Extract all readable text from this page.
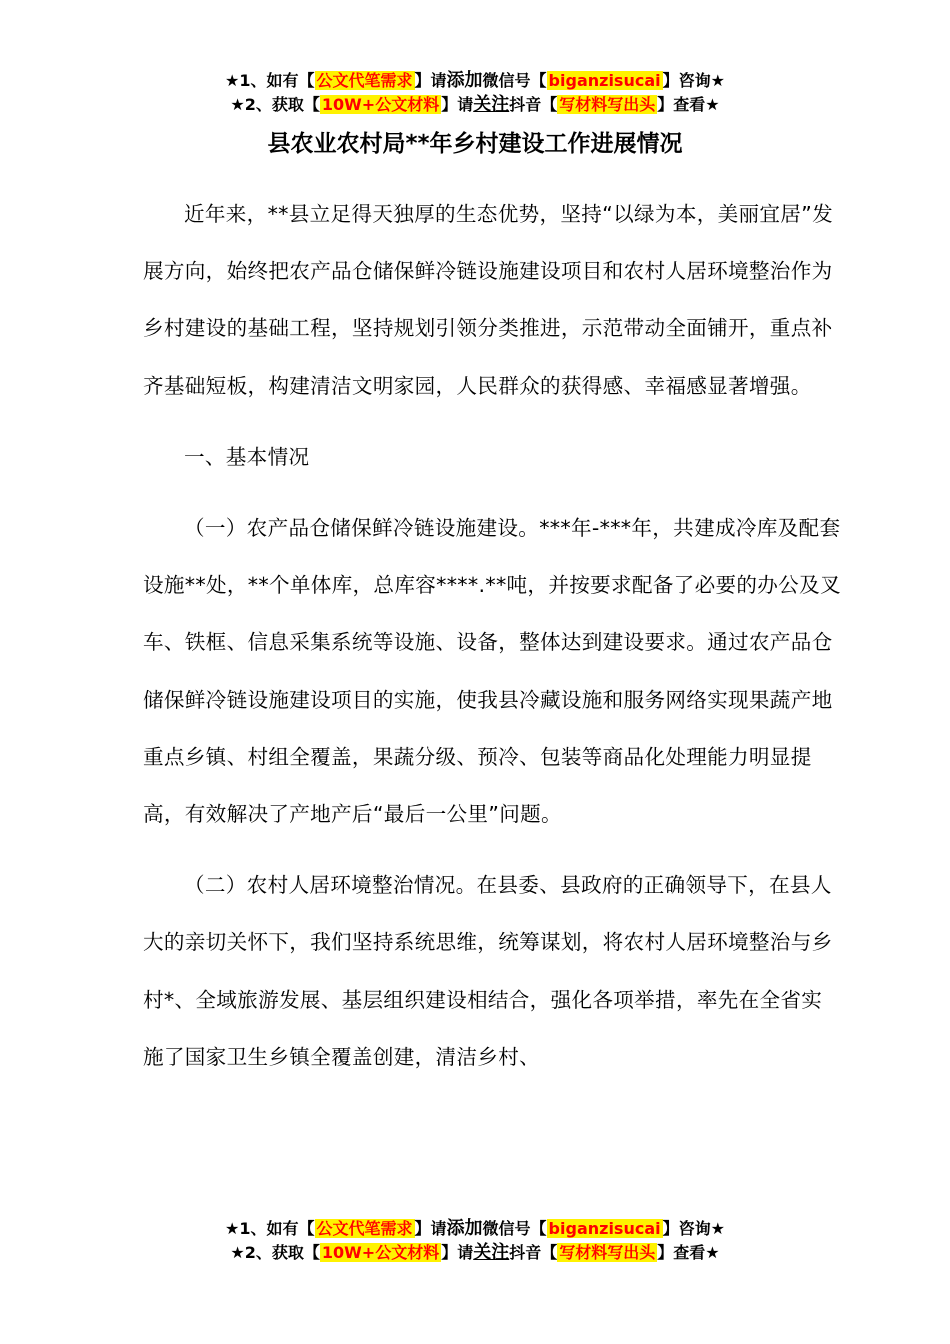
★1、如有【 公文代笔需求 】请添加微信号【 biganzisucai 】咨询★
★2、获取【 10W+公文材料 】请关注抖音【 写材料写出头 】查看★
县农业农村局**年乡村建设工作进展情况

近年来，**县立足得天独厚的生态优势，坚持“以绿为本，美丽宜居”发展方向，始终把农产品仓储保鲜冷链设施建设项目和农村人居环境整治作为乡村建设的基础工程，坚持规划引领分类推进，示范带动全面铺开，重点补齐基础短板，构建清洁文明家园，人民群众的获得感、幸福感显著增强。

一、基本情况

（一）农产品仓储保鲜冷链设施建设。***年-***年，共建成冷库及配套设施**处，**个单体库，总库容****.**吨，并按要求配备了必要的办公及叉车、铁框、信息采集系统等设施、设备，整体达到建设要求。通过农产品仓储保鲜冷链设施建设项目的实施，使我县冷藏设施和服务网络实现果蔬产地重点乡镇、村组全覆盖，果蔬分级、预冷、包装等商品化处理能力明显提高，有效解决了产地产后“最后一公里”问题。

（二）农村人居环境整治情况。在县委、县政府的正确领导下，在县人大的亲切关怀下，我们坚持系统思维，统筹谋划，将农村人居环境整治与乡村*、全域旅游发展、基层组织建设相结合，强化各项举措，率先在全省实施了国家卫生乡镇全覆盖创建，清洁乡村、

★1、如有【 公文代笔需求 】请添加微信号【 biganzisucai 】咨询★
★2、获取【 10W+公文材料 】请关注抖音【 写材料写出头 】查看★
